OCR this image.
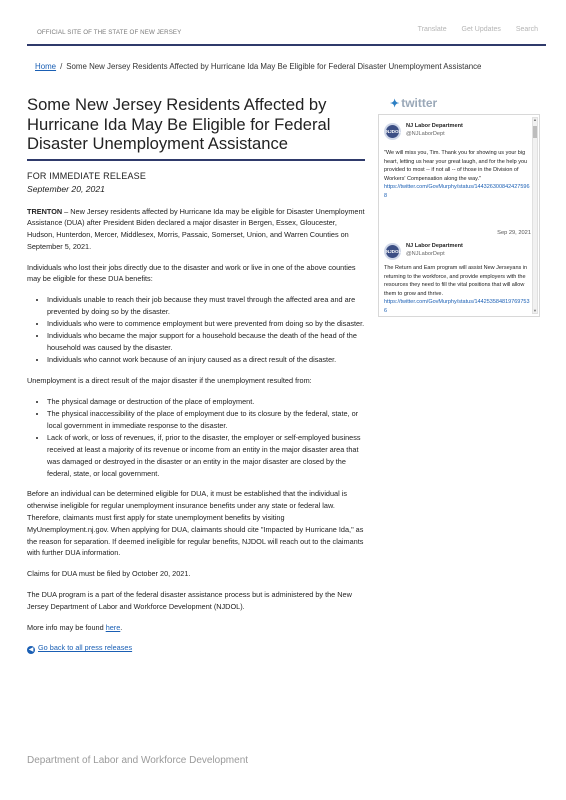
OFFICIAL SITE OF THE STATE OF NEW JERSEY	Translate Get Updates Search
Home / Some New Jersey Residents Affected by Hurricane Ida May Be Eligible for Federal Disaster Unemployment Assistance
Some New Jersey Residents Affected by Hurricane Ida May Be Eligible for Federal Disaster Unemployment Assistance
FOR IMMEDIATE RELEASE
September 20, 2021

TRENTON – New Jersey residents affected by Hurricane Ida may be eligible for Disaster Unemployment Assistance (DUA) after President Biden declared a major disaster in Bergen, Essex, Gloucester, Hudson, Hunterdon, Mercer, Middlesex, Morris, Passaic, Somerset, Union, and Warren Counties on September 5, 2021.

Individuals who lost their jobs directly due to the disaster and work or live in one of the above counties may be eligible for these DUA benefits:

• Individuals unable to reach their job because they must travel through the affected area and are prevented by doing so by the disaster.
• Individuals who were to commence employment but were prevented from doing so by the disaster.
• Individuals who became the major support for a household because the death of the head of the household was caused by the disaster.
• Individuals who cannot work because of an injury caused as a direct result of the disaster.

Unemployment is a direct result of the major disaster if the unemployment resulted from:

• The physical damage or destruction of the place of employment.
• The physical inaccessibility of the place of employment due to its closure by the federal, state, or local government in immediate response to the disaster.
• Lack of work, or loss of revenues, if, prior to the disaster, the employer or self-employed business received at least a majority of its revenue or income from an entity in the major disaster area that was damaged or destroyed in the disaster or an entity in the major disaster are closed by the federal, state, or local government.

Before an individual can be determined eligible for DUA, it must be established that the individual is otherwise ineligible for regular unemployment insurance benefits under any state or federal law. Therefore, claimants must first apply for state unemployment benefits by visiting MyUnemployment.nj.gov. When applying for DUA, claimants should cite "Impacted by Hurricane Ida," as the reason for separation. If deemed ineligible for regular benefits, NJDOL will reach out to the claimants with further DUA information.

Claims for DUA must be filed by October 20, 2021.

The DUA program is a part of the federal disaster assistance process but is administered by the New Jersey Department of Labor and Workforce Development (NJDOL).

More info may be found here.

◀ Go back to all press releases

✦ twitter
NJDOL
NJ Labor Department
@NJLaborDept
"We will miss you, Tim. Thank you for showing us your big heart, letting us hear your great laugh, and for the help you provided to most -- if not all -- of those in the Division of Workers' Compensation along the way."
https://twitter.com/GovMurphy/status/1443263008424275968
Sep 29, 2021
NJDOL
NJ Labor Department
@NJLaborDept
The Return and Earn program will assist New Jerseyans in returning to the workforce, and provide employers with the resources they need to fill the vital positions that will allow them to grow and thrive.
https://twitter.com/GovMurphy/status/1442535848197697536
▲
▼
Department of Labor and Workforce Development
